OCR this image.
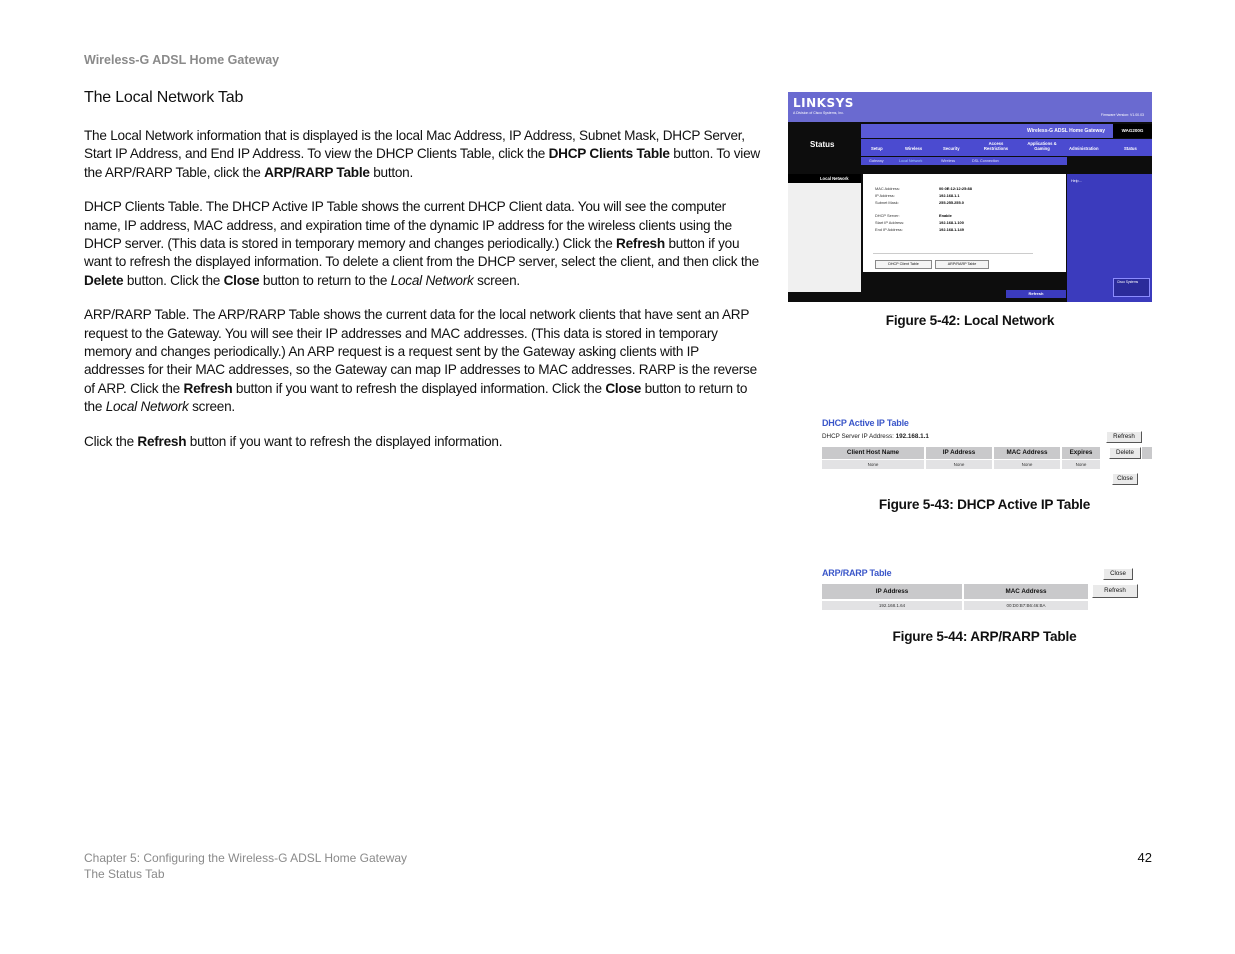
Wireless-G ADSL Home Gateway
The Local Network Tab

The Local Network information that is displayed is the local Mac Address, IP Address, Subnet Mask, DHCP Server, Start IP Address, and End IP Address. To view the DHCP Clients Table, click the DHCP Clients Table button. To view the ARP/RARP Table, click the ARP/RARP Table button.

DHCP Clients Table. The DHCP Active IP Table shows the current DHCP Client data. You will see the computer name, IP address, MAC address, and expiration time of the dynamic IP address for the wireless clients using the DHCP server. (This data is stored in temporary memory and changes periodically.) Click the Refresh button if you want to refresh the displayed information. To delete a client from the DHCP server, select the client, and then click the Delete button. Click the Close button to return to the Local Network screen.

ARP/RARP Table. The ARP/RARP Table shows the current data for the local network clients that have sent an ARP request to the Gateway. You will see their IP addresses and MAC addresses. (This data is stored in temporary memory and changes periodically.) An ARP request is a request sent by the Gateway asking clients with IP addresses for their MAC addresses, so the Gateway can map IP addresses to MAC addresses. RARP is the reverse of ARP. Click the Refresh button if you want to refresh the displayed information. Click the Close button to return to the Local Network screen.

Click the Refresh button if you want to refresh the displayed information.

LINKSYS
A Division of Cisco Systems, Inc.	Firmware Version: V1.00.03
Status
Wireless-G ADSL Home Gateway	WAG200G
Setup	Wireless	Security
Access Restrictions
Applications & Gaming	Administration	Status
Gateway	Local Network	Wireless	DSL Connection
Local Network
MAC Address:	00:0E:12:12:25:88
IP Address:	192.168.1.1
Subnet Mask:	255.255.255.0
DHCP Server:	Enable
Start IP Address:	192.168.1.100
End IP Address:	192.168.1.149
DHCP Client Table	ARP/RARP Table
Help...
Cisco Systems
Refresh
Figure 5-42: Local Network
DHCP Active IP Table
DHCP Server IP Address: 192.168.1.1	Refresh
Client Host Name	IP Address	MAC Address	Expires	Delete
None	None	None	None
Close
Figure 5-43: DHCP Active IP Table
ARP/RARP Table	Close
IP Address	MAC Address	Refresh
192.168.1.64	00:D0:B7:B6:46:BA
Figure 5-44: ARP/RARP Table
Chapter 5: Configuring the Wireless-G ADSL Home Gateway
The Status Tab
42
